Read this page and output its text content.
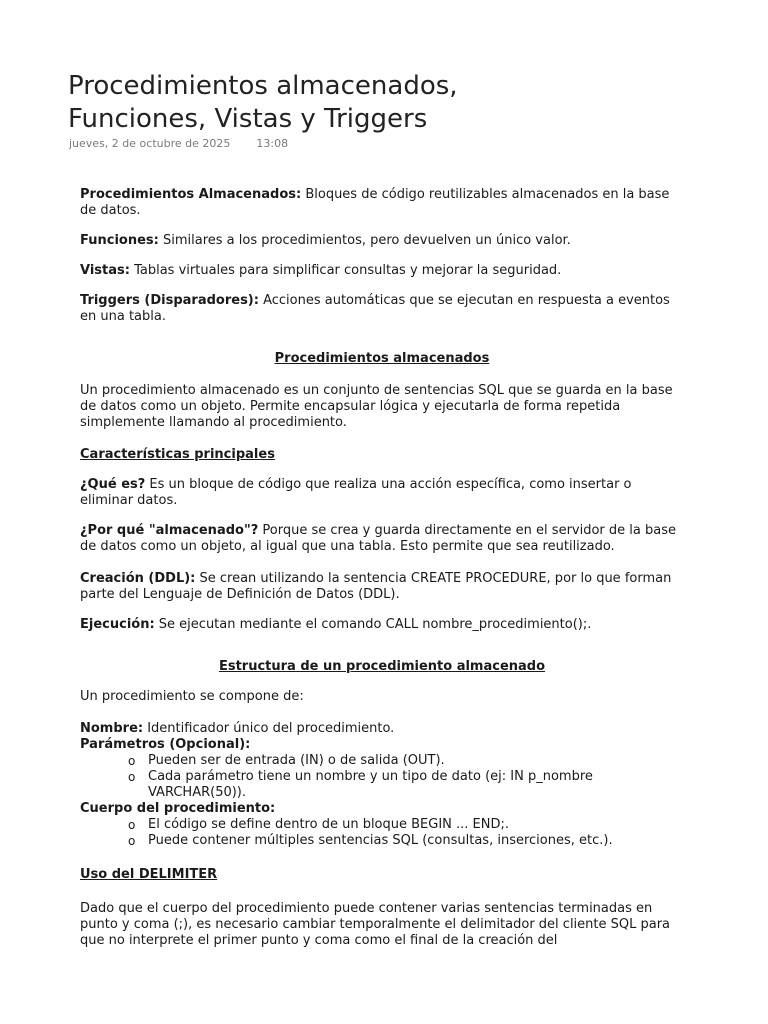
Procedimientos almacenados,
Funciones, Vistas y Triggers
jueves, 2 de octubre de 2025 13:08

Procedimientos Almacenados: Bloques de código reutilizables almacenados en la base de datos.

Funciones: Similares a los procedimientos, pero devuelven un único valor.

Vistas: Tablas virtuales para simplificar consultas y mejorar la seguridad.

Triggers (Disparadores): Acciones automáticas que se ejecutan en respuesta a eventos en una tabla.

Procedimientos almacenados

Un procedimiento almacenado es un conjunto de sentencias SQL que se guarda en la base de datos como un objeto. Permite encapsular lógica y ejecutarla de forma repetida simplemente llamando al procedimiento.

Características principales

¿Qué es? Es un bloque de código que realiza una acción específica, como insertar o eliminar datos.

¿Por qué "almacenado"? Porque se crea y guarda directamente en el servidor de la base de datos como un objeto, al igual que una tabla. Esto permite que sea reutilizado.

Creación (DDL): Se crean utilizando la sentencia CREATE PROCEDURE, por lo que forman parte del Lenguaje de Definición de Datos (DDL).

Ejecución: Se ejecutan mediante el comando CALL nombre_procedimiento();.

Estructura de un procedimiento almacenado

Un procedimiento se compone de:

Nombre: Identificador único del procedimiento.

Parámetros (Opcional):

o Pueden ser de entrada (IN) o de salida (OUT).
o Cada parámetro tiene un nombre y un tipo de dato (ej: IN p_nombre VARCHAR(50)).

Cuerpo del procedimiento:

o El código se define dentro de un bloque BEGIN ... END;.
o Puede contener múltiples sentencias SQL (consultas, inserciones, etc.).

Uso del DELIMITER

Dado que el cuerpo del procedimiento puede contener varias sentencias terminadas en punto y coma (;), es necesario cambiar temporalmente el delimitador del cliente SQL para que no interprete el primer punto y coma como el final de la creación del
